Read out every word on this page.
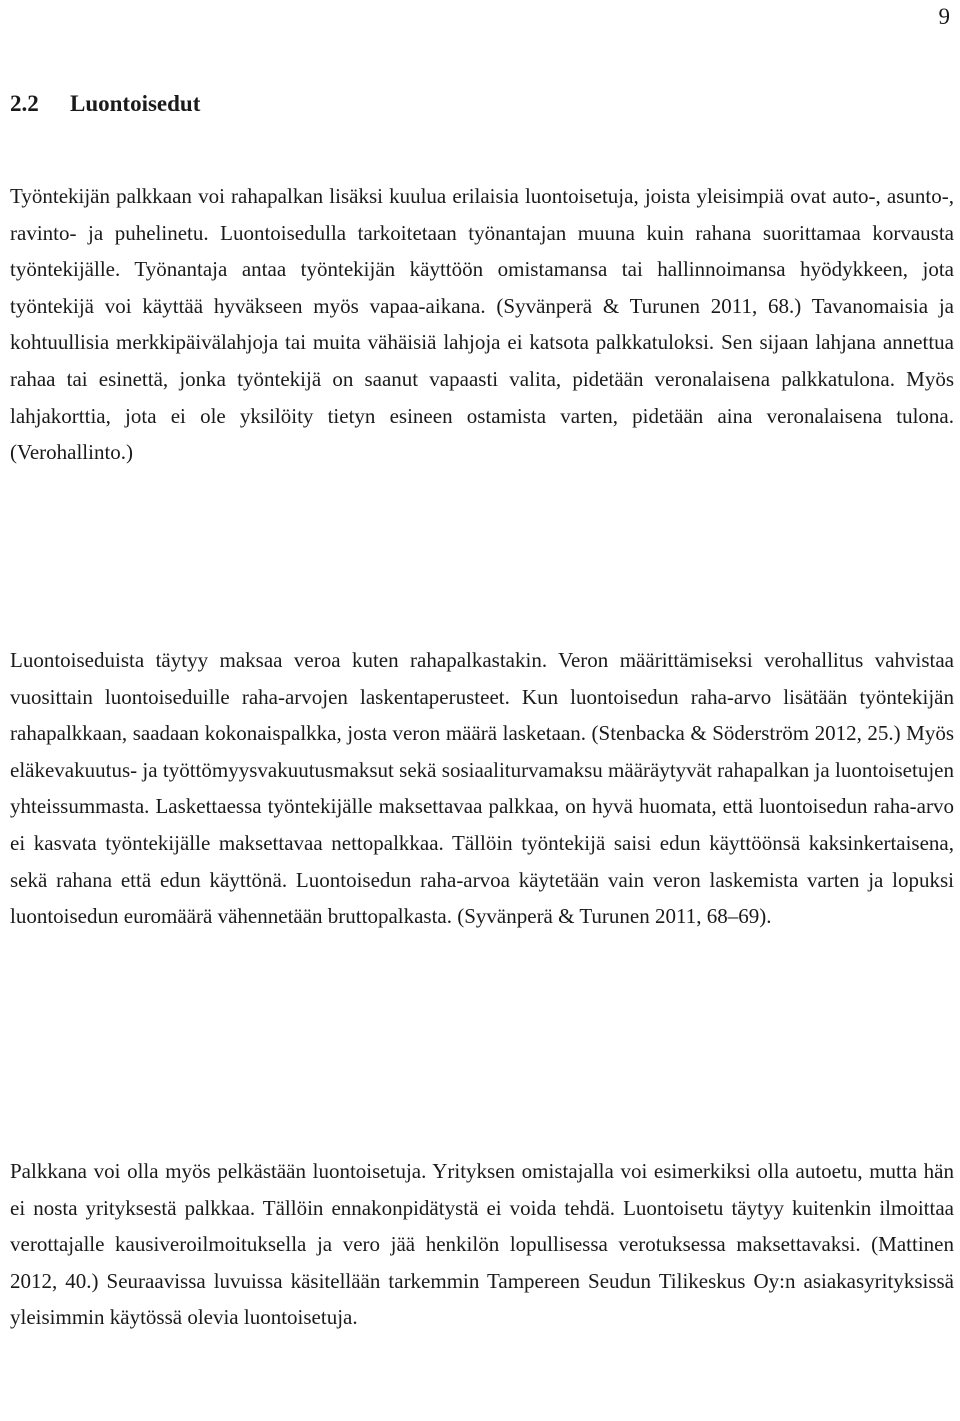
9
2.2 Luontoisedut

Työntekijän palkkaan voi rahapalkan lisäksi kuulua erilaisia luontoisetuja, joista yleisimpiä ovat auto-, asunto-, ravinto- ja puhelinetu. Luontoisedulla tarkoitetaan työnantajan muuna kuin rahana suorittamaa korvausta työntekijälle. Työnantaja antaa työntekijän käyttöön omistamansa tai hallinnoimansa hyödykkeen, jota työntekijä voi käyttää hyväkseen myös vapaa-aikana. (Syvänperä & Turunen 2011, 68.) Tavanomaisia ja kohtuullisia merkkipäivälahjoja tai muita vähäisiä lahjoja ei katsota palkkatuloksi. Sen sijaan lahjana annettua rahaa tai esinettä, jonka työntekijä on saanut vapaasti valita, pidetään veronalaisena palkkatulona. Myös lahjakorttia, jota ei ole yksilöity tietyn esineen ostamista varten, pidetään aina veronalaisena tulona. (Verohallinto.)

Luontoiseduista täytyy maksaa veroa kuten rahapalkastakin. Veron määrittämiseksi verohallitus vahvistaa vuosittain luontoiseduille raha-arvojen laskentaperusteet. Kun luontoisedun raha-arvo lisätään työntekijän rahapalkkaan, saadaan kokonaispalkka, josta veron määrä lasketaan. (Stenbacka & Söderström 2012, 25.) Myös eläkevakuutus- ja työttömyysvakuutusmaksut sekä sosiaaliturvamaksu määräytyvät rahapalkan ja luontoisetujen yhteissummasta. Laskettaessa työntekijälle maksettavaa palkkaa, on hyvä huomata, että luontoisedun raha-arvo ei kasvata työntekijälle maksettavaa nettopalkkaa. Tällöin työntekijä saisi edun käyttöönsä kaksinkertaisena, sekä rahana että edun käyttönä. Luontoisedun raha-arvoa käytetään vain veron laskemista varten ja lopuksi luontoisedun euromäärä vähennetään bruttopalkasta. (Syvänperä & Turunen 2011, 68–69).

Palkkana voi olla myös pelkästään luontoisetuja. Yrityksen omistajalla voi esimerkiksi olla autoetu, mutta hän ei nosta yrityksestä palkkaa. Tällöin ennakonpidätystä ei voida tehdä. Luontoisetu täytyy kuitenkin ilmoittaa verottajalle kausiveroilmoituksella ja vero jää henkilön lopullisessa verotuksessa maksettavaksi. (Mattinen 2012, 40.) Seuraavissa luvuissa käsitellään tarkemmin Tampereen Seudun Tilikeskus Oy:n asiakasyrityksissä yleisimmin käytössä olevia luontoisetuja.
